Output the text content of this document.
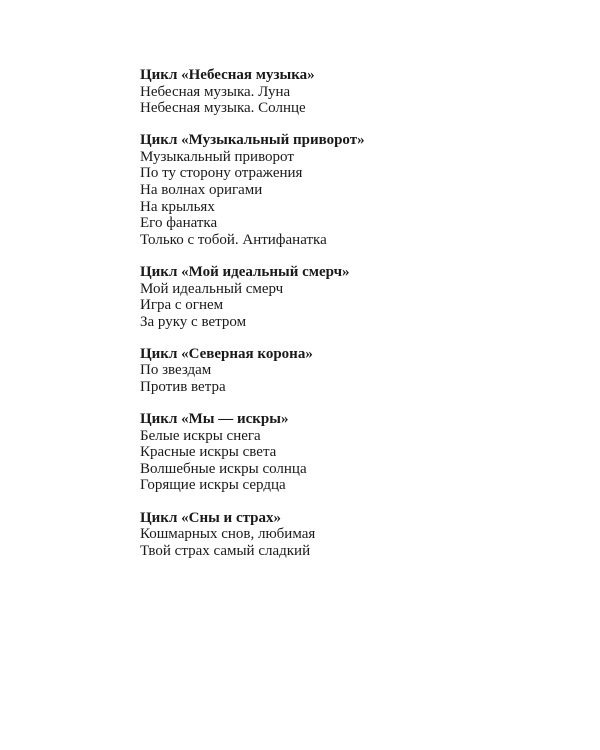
Цикл «Небесная музыка»

Небесная музыка. Луна

Небесная музыка. Солнце

Цикл «Музыкальный приворот»

Музыкальный приворот

По ту сторону отражения

На волнах оригами

На крыльях

Его фанатка

Только с тобой. Антифанатка

Цикл «Мой идеальный смерч»

Мой идеальный смерч

Игра с огнем

За руку с ветром

Цикл «Северная корона»

По звездам

Против ветра

Цикл «Мы — искры»

Белые искры снега

Красные искры света

Волшебные искры солнца

Горящие искры сердца

Цикл «Сны и страх»

Кошмарных снов, любимая

Твой страх самый сладкий
